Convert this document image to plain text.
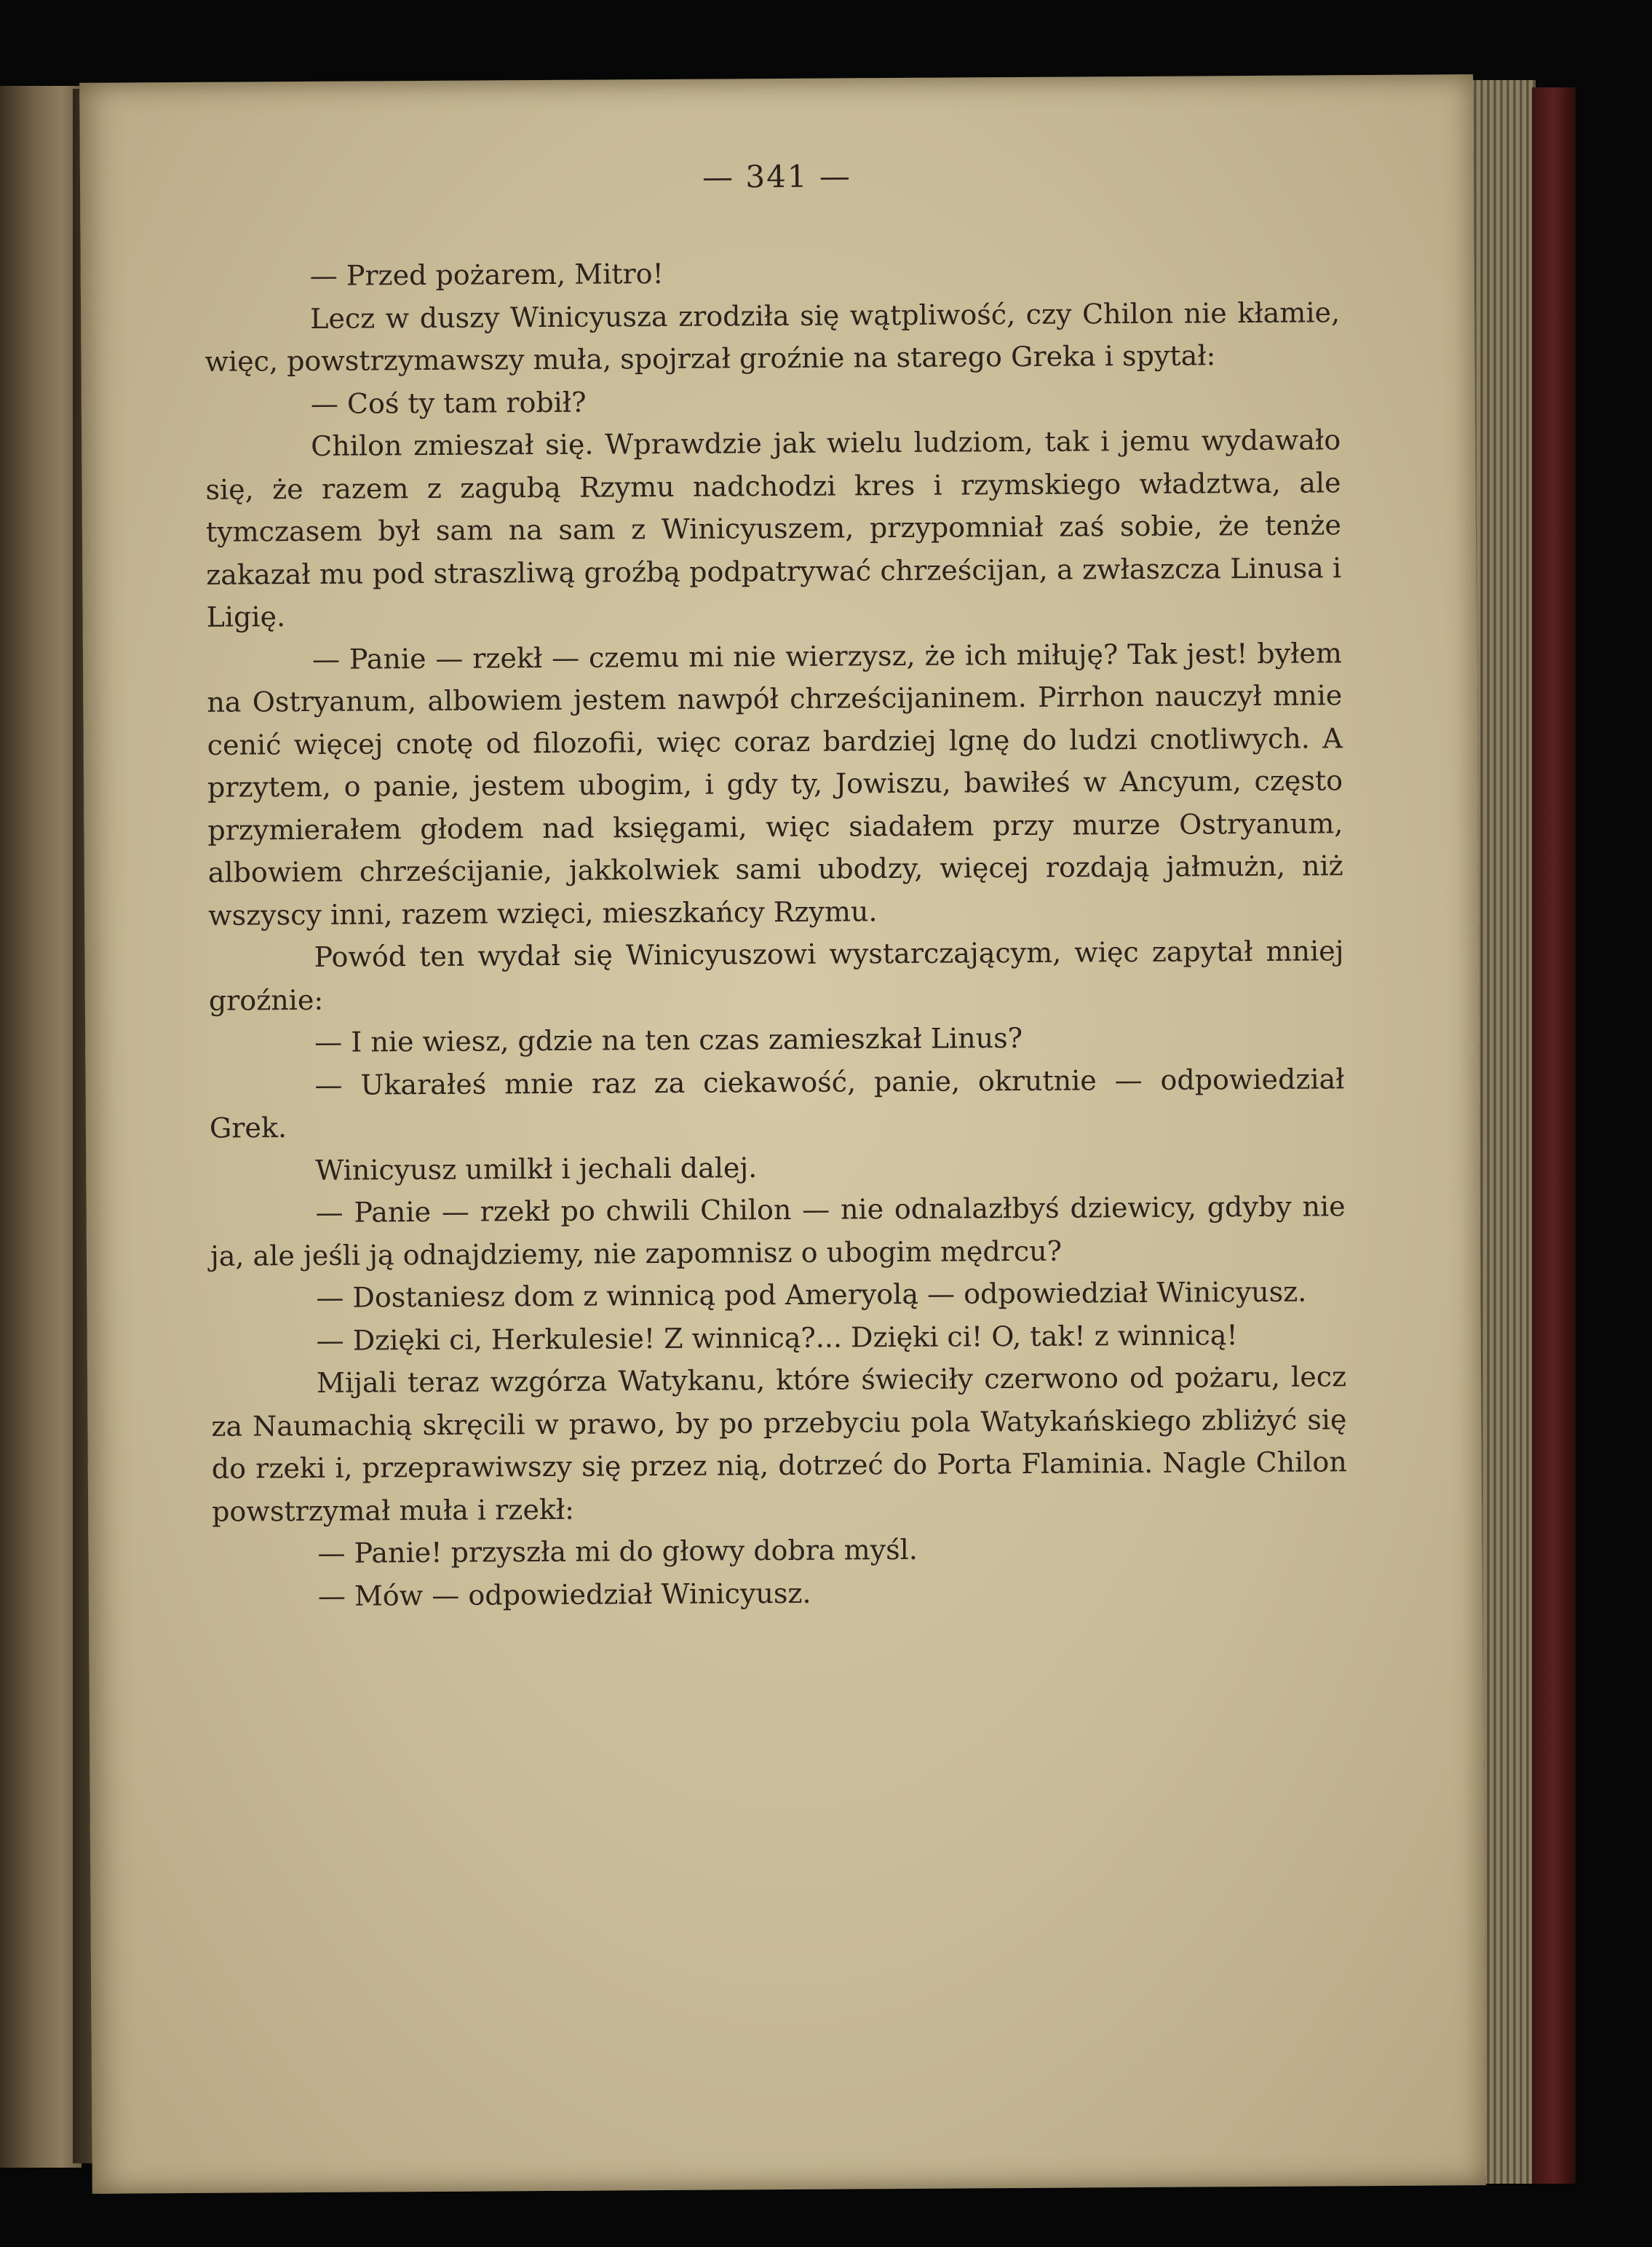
— 341 —

— Przed pożarem, Mitro!

Lecz w duszy Winicyusza zrodziła się wątpliwość, czy Chilon nie kłamie, więc, powstrzymawszy muła, spojrzał groźnie na starego Greka i spytał:

— Coś ty tam robił?

Chilon zmieszał się. Wprawdzie jak wielu ludziom, tak i jemu wydawało się, że razem z zagubą Rzymu nadchodzi kres i rzymskiego władztwa, ale tymczasem był sam na sam z Winicyuszem, przypomniał zaś sobie, że tenże zakazał mu pod straszliwą groźbą podpatrywać chrześcijan, a zwłaszcza Linusa i Ligię.

— Panie — rzekł — czemu mi nie wierzysz, że ich miłuję? Tak jest! byłem na Ostryanum, albowiem jestem nawpół chrześcijaninem. Pirrhon nauczył mnie cenić więcej cnotę od filozofii, więc coraz bardziej lgnę do ludzi cnotliwych. A przytem, o panie, jestem ubogim, i gdy ty, Jowiszu, bawiłeś w Ancyum, często przymierałem głodem nad księgami, więc siadałem przy murze Ostryanum, albowiem chrześcijanie, jakkolwiek sami ubodzy, więcej rozdają jałmużn, niż wszyscy inni, razem wzięci, mieszkańcy Rzymu.

Powód ten wydał się Winicyuszowi wystarczającym, więc zapytał mniej groźnie:

— I nie wiesz, gdzie na ten czas zamieszkał Linus?

— Ukarałeś mnie raz za ciekawość, panie, okrutnie — odpowiedział Grek.

Winicyusz umilkł i jechali dalej.

— Panie — rzekł po chwili Chilon — nie odnalazłbyś dziewicy, gdyby nie ja, ale jeśli ją odnajdziemy, nie zapomnisz o ubogim mędrcu?

— Dostaniesz dom z winnicą pod Ameryolą — odpowiedział Winicyusz.

— Dzięki ci, Herkulesie! Z winnicą?... Dzięki ci! O, tak! z winnicą!

Mijali teraz wzgórza Watykanu, które świeciły czerwono od pożaru, lecz za Naumachią skręcili w prawo, by po przebyciu pola Watykańskiego zbliżyć się do rzeki i, przeprawiwszy się przez nią, dotrzeć do Porta Flaminia. Nagle Chilon powstrzymał muła i rzekł:

— Panie! przyszła mi do głowy dobra myśl.

— Mów — odpowiedział Winicyusz.
